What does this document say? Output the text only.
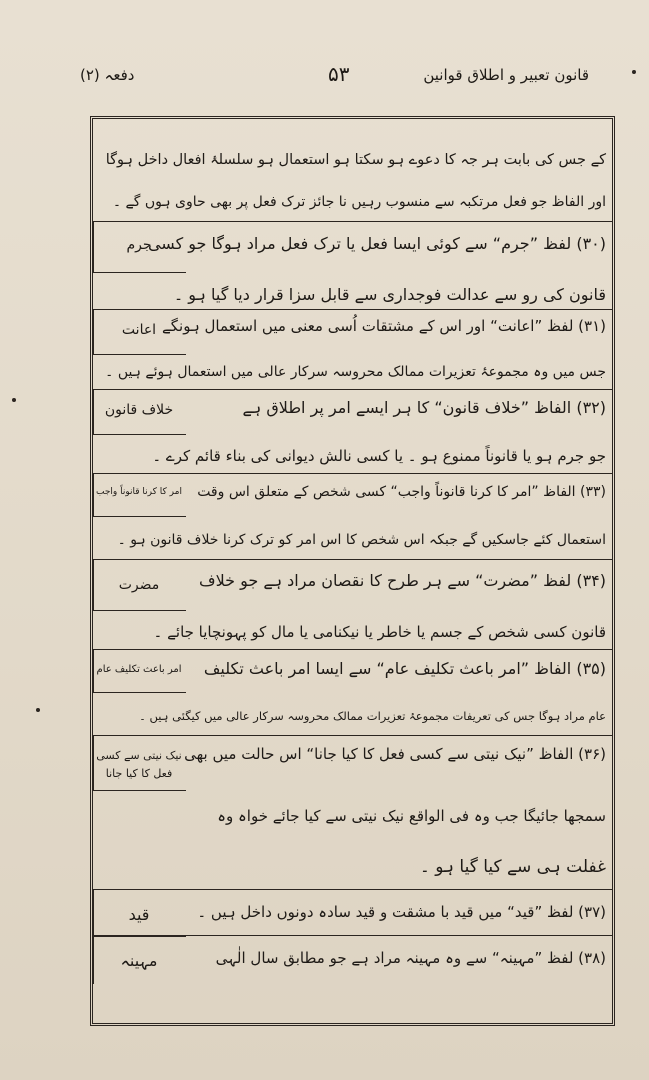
قانون تعبیر و اطلاق قوانین
۵۳
دفعہ (۲)
کے جس کی بابت ہر جہ کا دعوے ہو سکتا ہو استعمال ہو سلسلۂ افعال داخل ہوگا
اور الفاظ جو فعل مرتکبہ سے منسوب رہیں نا جائز ترک فعل پر بھی حاوی ہوں گے ۔
جرم
(۳۰) لفظ ”جرم“ سے کوئی ایسا فعل یا ترک فعل مراد ہوگا جو کسی
قانون کی رو سے عدالت فوجداری سے قابل سزا قرار دیا گیا ہو ۔
اعانت (۳۱) لفظ ”اعانت“ اور اس کے مشتقات اُسی معنی میں استعمال ہونگے
جس میں وہ مجموعۂ تعزیرات ممالک محروسہ سرکار عالی میں استعمال ہوئے ہیں ۔
خلاف قانون	(۳۲) الفاظ ”خلاف قانون“ کا ہر ایسے امر پر اطلاق ہے
جو جرم ہو یا قانوناً ممنوع ہو ۔ یا کسی نالش دیوانی کی بناء قائم کرے ۔
امر کا کرنا قانوناً واجب (۳۳) الفاظ ”امر کا کرنا قانوناً واجب“ کسی شخص کے متعلق اس وقت
استعمال کئے جاسکیں گے جبکہ اس شخص کا اس امر کو ترک کرنا خلاف قانون ہو ۔
مضرت	(۳۴) لفظ ”مضرت“ سے ہر طرح کا نقصان مراد ہے جو خلاف
قانون کسی شخص کے جسم یا خاطر یا نیکنامی یا مال کو پہونچایا جائے ۔
امر باعث تکلیف عام (۳۵) الفاظ ”امر باعث تکلیف عام“ سے ایسا امر باعث تکلیف
عام مراد ہوگا جس کی تعریفات مجموعۂ تعزیرات ممالک محروسہ سرکار عالی میں کیگئی ہیں ۔
نیک نیتی سے کسی فعل کا کیا جانا
(۳۶) الفاظ ”نیک نیتی سے کسی فعل کا کیا جانا“ اس حالت میں بھی
سمجھا جائیگا جب وہ فی الواقع نیک نیتی سے کیا جائے خواہ وہ
غفلت ہی سے کیا گیا ہو ۔
قید	(۳۷) لفظ ”قید“ میں قید با مشقت و قید سادہ دونوں داخل ہیں ۔
مہینہ	(۳۸) لفظ ”مہینہ“ سے وہ مہینہ مراد ہے جو مطابق سال الٰہی
